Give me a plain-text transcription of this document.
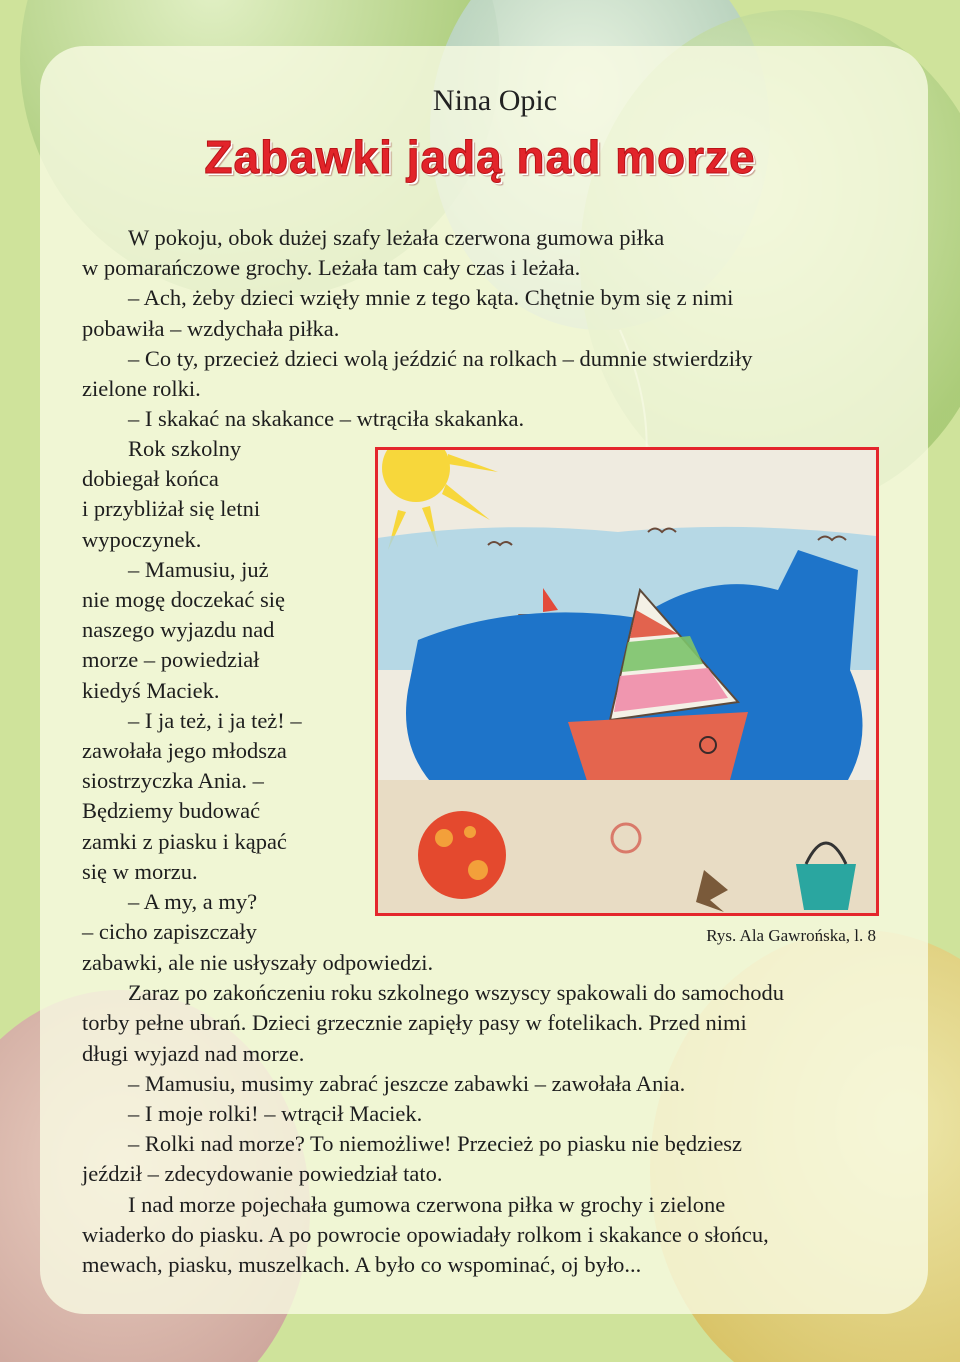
Nina Opic
Zabawki jadą nad morze

W pokoju, obok dużej szafy leżała czerwona gumowa piłka

w pomarańczowe grochy. Leżała tam cały czas i leżała.

– Ach, żeby dzieci wzięły mnie z tego kąta. Chętnie bym się z nimi

pobawiła – wzdychała piłka.

– Co ty, przecież dzieci wolą jeździć na rolkach – dumnie stwierdziły

zielone rolki.

– I skakać na skakance – wtrąciła skakanka.

Rok szkolny

dobiegał końca

i przybliżał się letni

wypoczynek.

– Mamusiu, już

nie mogę doczekać się

naszego wyjazdu nad

morze – powiedział

kiedyś Maciek.

– I ja też, i ja też! –

zawołała jego młodsza

siostrzyczka Ania. –

Będziemy budować

zamki z piasku i kąpać

się w morzu.

– A my, a my?

– cicho zapiszczały	Rys. Ala Gawrońska, l. 8

zabawki, ale nie usłyszały odpowiedzi.

Zaraz po zakończeniu roku szkolnego wszyscy spakowali do samochodu

torby pełne ubrań. Dzieci grzecznie zapięły pasy w fotelikach. Przed nimi

długi wyjazd nad morze.

– Mamusiu, musimy zabrać jeszcze zabawki – zawołała Ania.

– I moje rolki! – wtrącił Maciek.

– Rolki nad morze? To niemożliwe! Przecież po piasku nie będziesz

jeździł – zdecydowanie powiedział tato.

I nad morze pojechała gumowa czerwona piłka w grochy i zielone

wiaderko do piasku. A po powrocie opowiadały rolkom i skakance o słońcu,

mewach, piasku, muszelkach. A było co wspominać, oj było...
